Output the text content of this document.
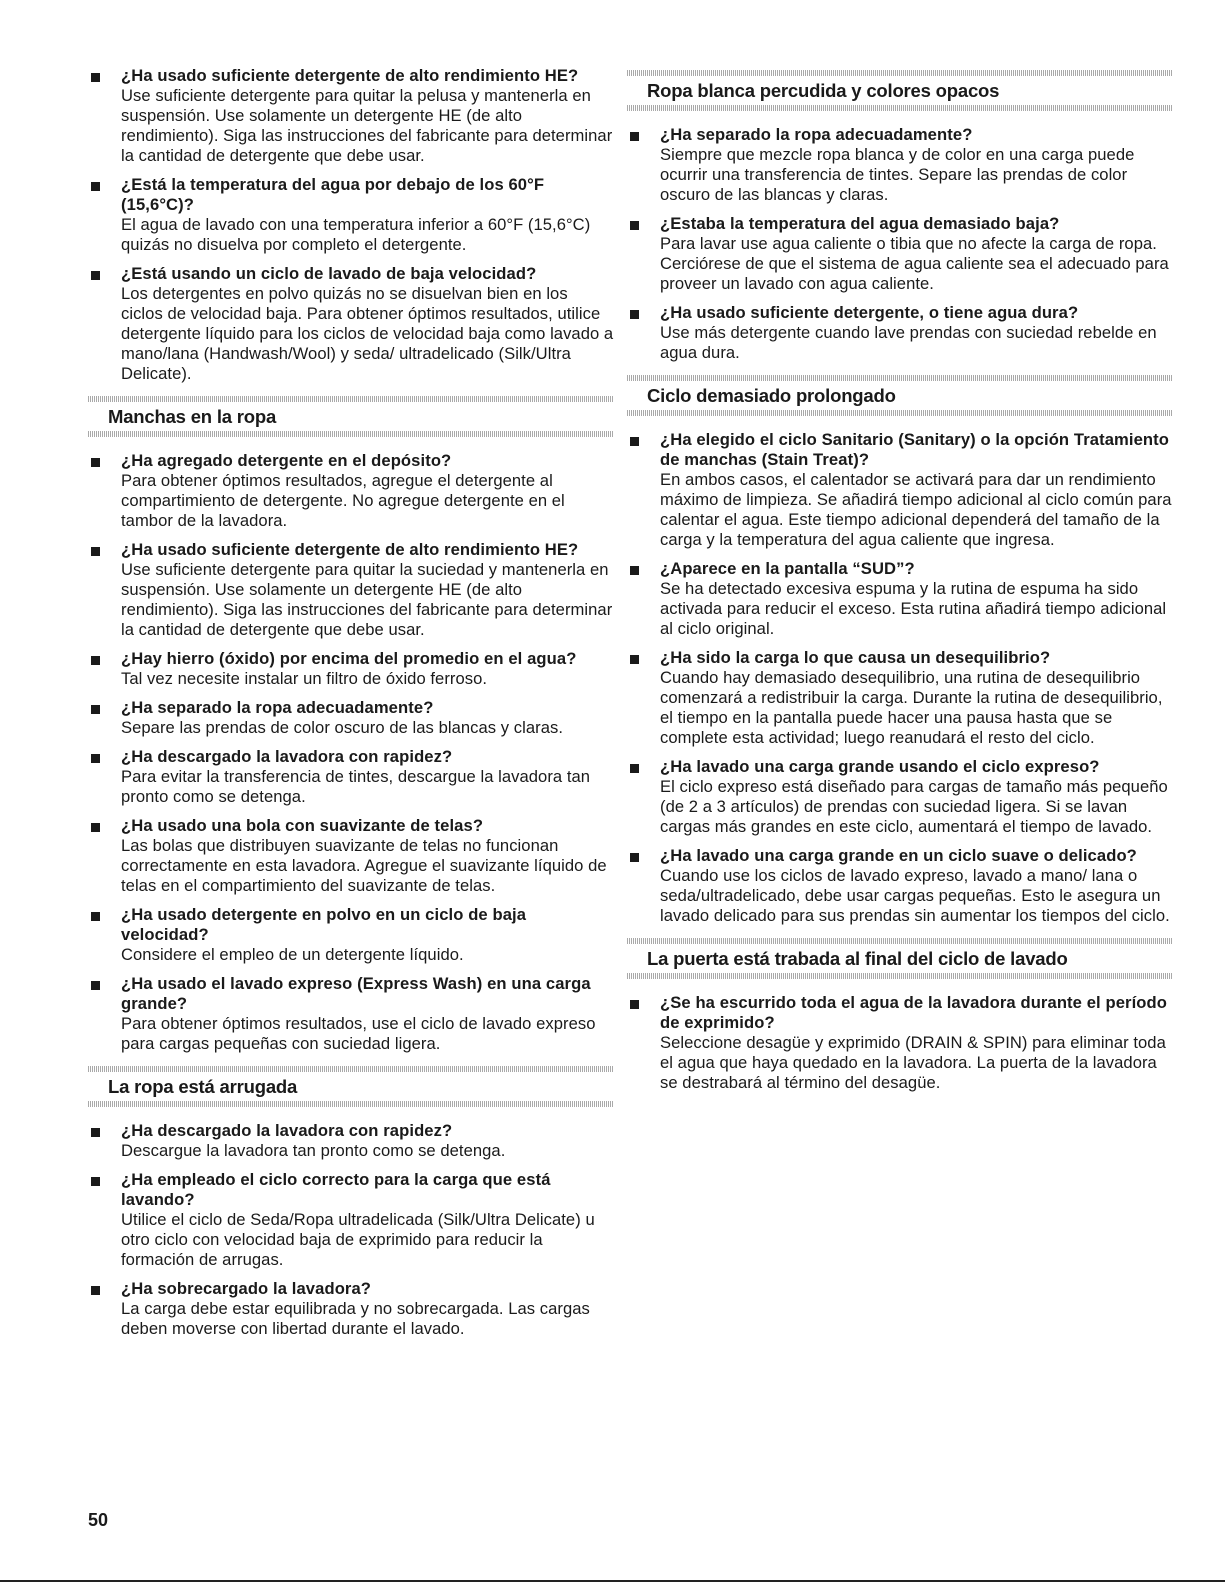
¿Ha usado suficiente detergente de alto rendimiento HE?
Use suficiente detergente para quitar la pelusa y mantenerla en suspensión. Use solamente un detergente HE (de alto rendimiento). Siga las instrucciones del fabricante para determinar la cantidad de detergente que debe usar.
¿Está la temperatura del agua por debajo de los 60°F (15,6°C)?
El agua de lavado con una temperatura inferior a 60°F (15,6°C) quizás no disuelva por completo el detergente.
¿Está usando un ciclo de lavado de baja velocidad?
Los detergentes en polvo quizás no se disuelvan bien en los ciclos de velocidad baja. Para obtener óptimos resultados, utilice detergente líquido para los ciclos de velocidad baja como lavado a mano/lana (Handwash/Wool) y seda/ ultradelicado (Silk/Ultra Delicate).
Manchas en la ropa
¿Ha agregado detergente en el depósito?
Para obtener óptimos resultados, agregue el detergente al compartimiento de detergente. No agregue detergente en el tambor de la lavadora.
¿Ha usado suficiente detergente de alto rendimiento HE?
Use suficiente detergente para quitar la suciedad y mantenerla en suspensión. Use solamente un detergente HE (de alto rendimiento). Siga las instrucciones del fabricante para determinar la cantidad de detergente que debe usar.
¿Hay hierro (óxido) por encima del promedio en el agua?
Tal vez necesite instalar un filtro de óxido ferroso.
¿Ha separado la ropa adecuadamente?
Separe las prendas de color oscuro de las blancas y claras.
¿Ha descargado la lavadora con rapidez?
Para evitar la transferencia de tintes, descargue la lavadora tan pronto como se detenga.
¿Ha usado una bola con suavizante de telas?
Las bolas que distribuyen suavizante de telas no funcionan correctamente en esta lavadora. Agregue el suavizante líquido de telas en el compartimiento del suavizante de telas.
¿Ha usado detergente en polvo en un ciclo de baja velocidad?
Considere el empleo de un detergente líquido.
¿Ha usado el lavado expreso (Express Wash) en una carga grande?
Para obtener óptimos resultados, use el ciclo de lavado expreso para cargas pequeñas con suciedad ligera.
La ropa está arrugada
¿Ha descargado la lavadora con rapidez?
Descargue la lavadora tan pronto como se detenga.
¿Ha empleado el ciclo correcto para la carga que está lavando?
Utilice el ciclo de Seda/Ropa ultradelicada (Silk/Ultra Delicate) u otro ciclo con velocidad baja de exprimido para reducir la formación de arrugas.
¿Ha sobrecargado la lavadora?
La carga debe estar equilibrada y no sobrecargada. Las cargas deben moverse con libertad durante el lavado.
Ropa blanca percudida y colores opacos
¿Ha separado la ropa adecuadamente?
Siempre que mezcle ropa blanca y de color en una carga puede ocurrir una transferencia de tintes. Separe las prendas de color oscuro de las blancas y claras.
¿Estaba la temperatura del agua demasiado baja?
Para lavar use agua caliente o tibia que no afecte la carga de ropa. Cerciórese de que el sistema de agua caliente sea el adecuado para proveer un lavado con agua caliente.
¿Ha usado suficiente detergente, o tiene agua dura?
Use más detergente cuando lave prendas con suciedad rebelde en agua dura.
Ciclo demasiado prolongado
¿Ha elegido el ciclo Sanitario (Sanitary) o la opción Tratamiento de manchas (Stain Treat)?
En ambos casos, el calentador se activará para dar un rendimiento máximo de limpieza. Se añadirá tiempo adicional al ciclo común para calentar el agua. Este tiempo adicional dependerá del tamaño de la carga y la temperatura del agua caliente que ingresa.
¿Aparece en la pantalla “SUD”?
Se ha detectado excesiva espuma y la rutina de espuma ha sido activada para reducir el exceso. Esta rutina añadirá tiempo adicional al ciclo original.
¿Ha sido la carga lo que causa un desequilibrio?
Cuando hay demasiado desequilibrio, una rutina de desequilibrio comenzará a redistribuir la carga. Durante la rutina de desequilibrio, el tiempo en la pantalla puede hacer una pausa hasta que se complete esta actividad; luego reanudará el resto del ciclo.
¿Ha lavado una carga grande usando el ciclo expreso?
El ciclo expreso está diseñado para cargas de tamaño más pequeño (de 2 a 3 artículos) de prendas con suciedad ligera. Si se lavan cargas más grandes en este ciclo, aumentará el tiempo de lavado.
¿Ha lavado una carga grande en un ciclo suave o delicado?
Cuando use los ciclos de lavado expreso, lavado a mano/ lana o seda/ultradelicado, debe usar cargas pequeñas. Esto le asegura un lavado delicado para sus prendas sin aumentar los tiempos del ciclo.
La puerta está trabada al final del ciclo de lavado
¿Se ha escurrido toda el agua de la lavadora durante el período de exprimido?
Seleccione desagüe y exprimido (DRAIN & SPIN) para eliminar toda el agua que haya quedado en la lavadora. La puerta de la lavadora se destrabará al término del desagüe.
50
